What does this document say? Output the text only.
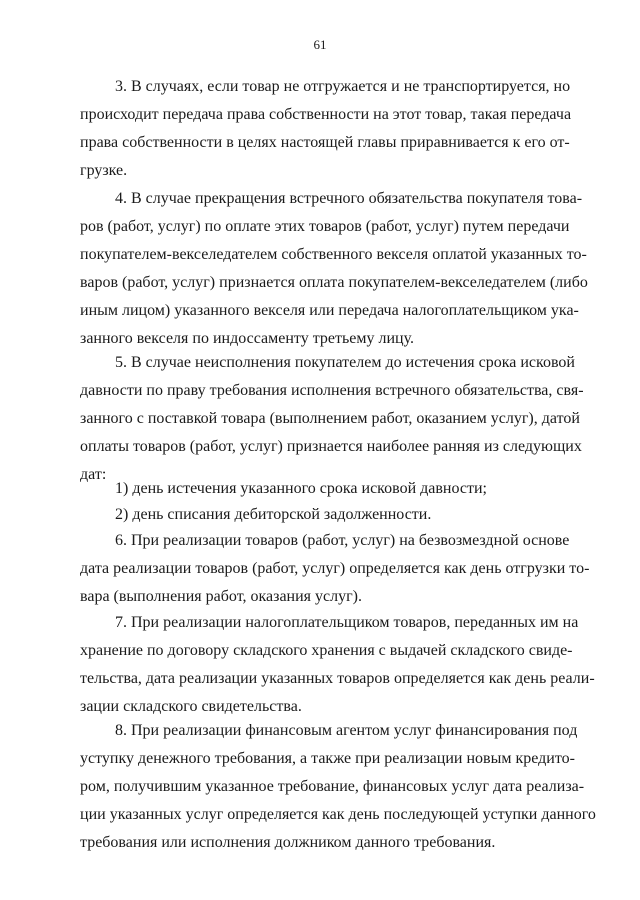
61
3. В случаях, если товар не отгружается и не транспортируется, но
происходит передача права собственности на этот товар, такая передача
права собственности в целях настоящей главы приравнивается к его от-
грузке.
4. В случае прекращения встречного обязательства покупателя това-
ров (работ, услуг) по оплате этих товаров (работ, услуг) путем передачи
покупателем-векселедателем собственного векселя оплатой указанных то-
варов (работ, услуг) признается оплата покупателем-векселедателем (либо
иным лицом) указанного векселя или передача налогоплательщиком ука-
занного векселя по индоссаменту третьему лицу.
5. В случае неисполнения покупателем до истечения срока исковой
давности по праву требования исполнения встречного обязательства, свя-
занного с поставкой товара (выполнением работ, оказанием услуг), датой
оплаты товаров (работ, услуг) признается наиболее ранняя из следующих
дат:
1) день истечения указанного срока исковой давности;
2) день списания дебиторской задолженности.
6. При реализации товаров (работ, услуг) на безвозмездной основе
дата реализации товаров (работ, услуг) определяется как день отгрузки то-
вара (выполнения работ, оказания услуг).
7. При реализации налогоплательщиком товаров, переданных им на
хранение по договору складского хранения с выдачей складского свиде-
тельства, дата реализации указанных товаров определяется как день реали-
зации складского свидетельства.
8. При реализации финансовым агентом услуг финансирования под
уступку денежного требования, а также при реализации новым кредито-
ром, получившим указанное требование, финансовых услуг дата реализа-
ции указанных услуг определяется как день последующей уступки данного
требования или исполнения должником данного требования.
